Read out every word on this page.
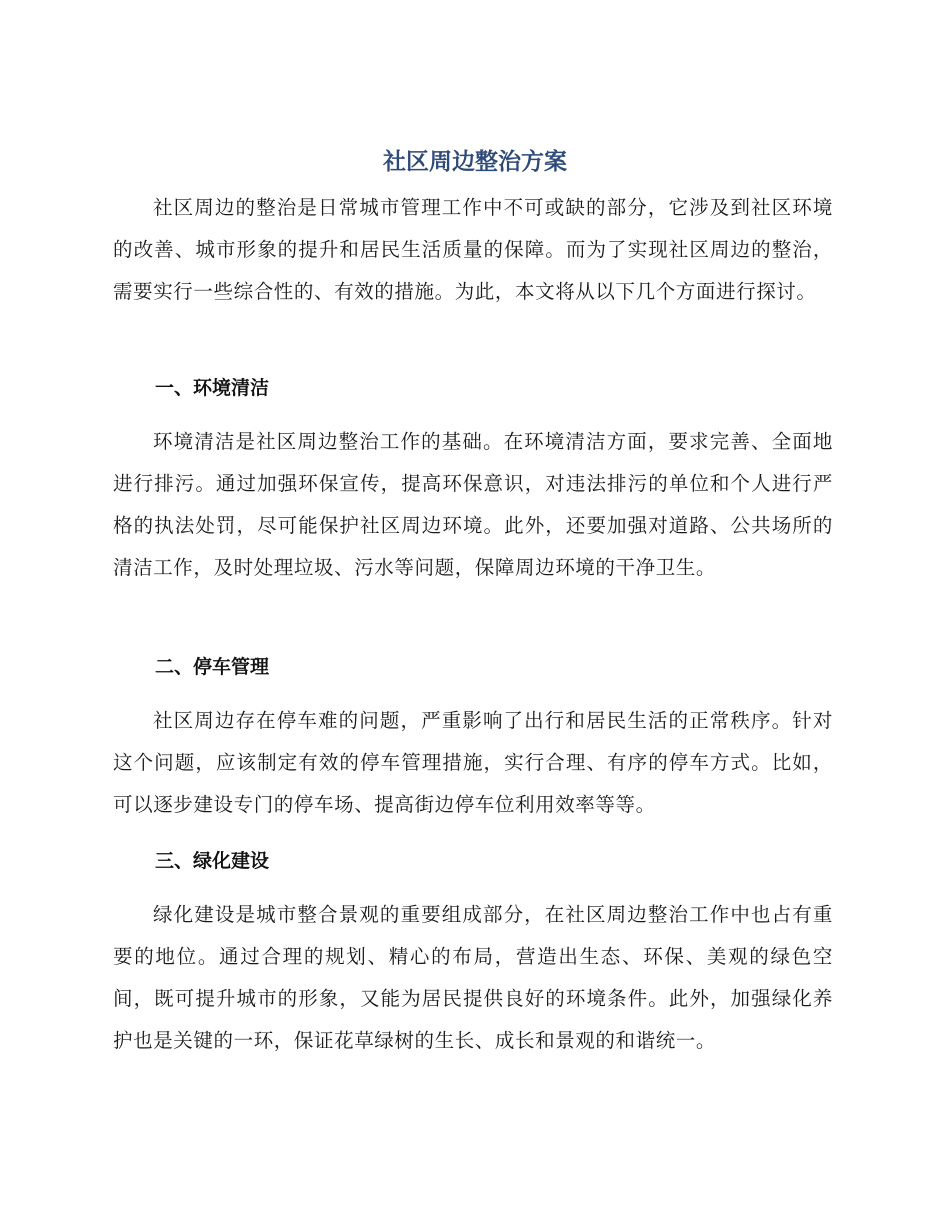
社区周边整治方案

社区周边的整治是日常城市管理工作中不可或缺的部分，它涉及到社区环境的改善、城市形象的提升和居民生活质量的保障。而为了实现社区周边的整治，需要实行一些综合性的、有效的措施。为此，本文将从以下几个方面进行探讨。

一、环境清洁

环境清洁是社区周边整治工作的基础。在环境清洁方面，要求完善、全面地进行排污。通过加强环保宣传，提高环保意识，对违法排污的单位和个人进行严格的执法处罚，尽可能保护社区周边环境。此外，还要加强对道路、公共场所的清洁工作，及时处理垃圾、污水等问题，保障周边环境的干净卫生。

二、停车管理

社区周边存在停车难的问题，严重影响了出行和居民生活的正常秩序。针对这个问题，应该制定有效的停车管理措施，实行合理、有序的停车方式。比如，可以逐步建设专门的停车场、提高街边停车位利用效率等等。

三、绿化建设

绿化建设是城市整合景观的重要组成部分，在社区周边整治工作中也占有重要的地位。通过合理的规划、精心的布局，营造出生态、环保、美观的绿色空间，既可提升城市的形象，又能为居民提供良好的环境条件。此外，加强绿化养护也是关键的一环，保证花草绿树的生长、成长和景观的和谐统一。
